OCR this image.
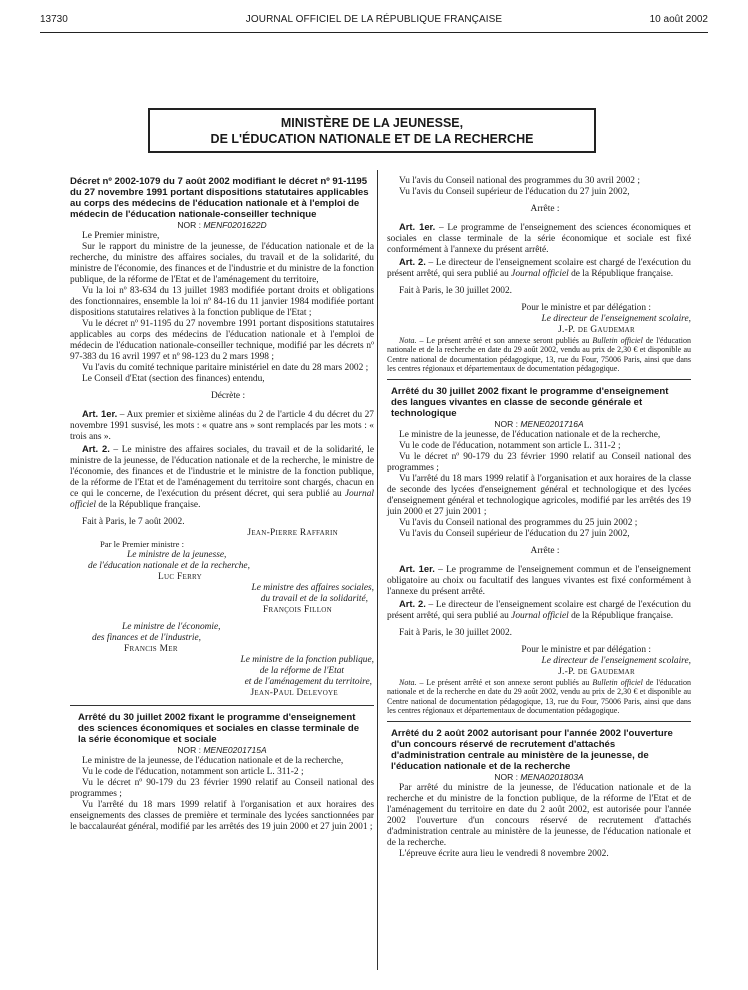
13730	JOURNAL OFFICIEL DE LA RÉPUBLIQUE FRANÇAISE	10 août 2002
MINISTÈRE DE LA JEUNESSE,
DE L'ÉDUCATION NATIONALE ET DE LA RECHERCHE

Décret nº 2002-1079 du 7 août 2002 modifiant le décret nº 91-1195 du 27 novembre 1991 portant dispositions statutaires applicables au corps des médecins de l'éducation nationale et à l'emploi de médecin de l'éducation nationale-conseiller technique

NOR : MENF0201622D

Le Premier ministre,

Sur le rapport du ministre de la jeunesse, de l'éducation nationale et de la recherche, du ministre des affaires sociales, du travail et de la solidarité, du ministre de l'économie, des finances et de l'industrie et du ministre de la fonction publique, de la réforme de l'Etat et de l'aménagement du territoire,

Vu la loi nº 83-634 du 13 juillet 1983 modifiée portant droits et obligations des fonctionnaires, ensemble la loi nº 84-16 du 11 janvier 1984 modifiée portant dispositions statutaires relatives à la fonction publique de l'Etat ;

Vu le décret nº 91-1195 du 27 novembre 1991 portant dispositions statutaires applicables au corps des médecins de l'éducation nationale et à l'emploi de médecin de l'éducation nationale-conseiller technique, modifié par les décrets nº 97-383 du 16 avril 1997 et nº 98-123 du 2 mars 1998 ;

Vu l'avis du comité technique paritaire ministériel en date du 28 mars 2002 ;

Le Conseil d'Etat (section des finances) entendu,

Décrète :

Art. 1er. – Aux premier et sixième alinéas du 2 de l'article 4 du décret du 27 novembre 1991 susvisé, les mots : « quatre ans » sont remplacés par les mots : « trois ans ».

Art. 2. – Le ministre des affaires sociales, du travail et de la solidarité, le ministre de la jeunesse, de l'éducation nationale et de la recherche, le ministre de l'économie, des finances et de l'industrie et le ministre de la fonction publique, de la réforme de l'Etat et de l'aménagement du territoire sont chargés, chacun en ce qui le concerne, de l'exécution du présent décret, qui sera publié au Journal officiel de la République française.

Fait à Paris, le 7 août 2002.

Jean-Pierre Raffarin

Par le Premier ministre :

Le ministre de la jeunesse,

de l'éducation nationale et de la recherche,

Luc Ferry

Le ministre des affaires sociales,

du travail et de la solidarité,

François Fillon

Le ministre de l'économie,

des finances et de l'industrie,

Francis Mer

Le ministre de la fonction publique,

de la réforme de l'Etat

et de l'aménagement du territoire,

Jean-Paul Delevoye

Arrêté du 30 juillet 2002 fixant le programme d'enseignement des sciences économiques et sociales en classe terminale de la série économique et sociale

NOR : MENE0201715A

Le ministre de la jeunesse, de l'éducation nationale et de la recherche,

Vu le code de l'éducation, notamment son article L. 311-2 ;

Vu le décret nº 90-179 du 23 février 1990 relatif au Conseil national des programmes ;

Vu l'arrêté du 18 mars 1999 relatif à l'organisation et aux horaires des enseignements des classes de première et terminale des lycées sanctionnées par le baccalauréat général, modifié par les arrêtés des 19 juin 2000 et 27 juin 2001 ;

Vu l'avis du Conseil national des programmes du 30 avril 2002 ;

Vu l'avis du Conseil supérieur de l'éducation du 27 juin 2002,

Arrête :

Art. 1er. – Le programme de l'enseignement des sciences économiques et sociales en classe terminale de la série économique et sociale est fixé conformément à l'annexe du présent arrêté.

Art. 2. – Le directeur de l'enseignement scolaire est chargé de l'exécution du présent arrêté, qui sera publié au Journal officiel de la République française.

Fait à Paris, le 30 juillet 2002.

Pour le ministre et par délégation :

Le directeur de l'enseignement scolaire,

J.-P. de Gaudemar

Nota. – Le présent arrêté et son annexe seront publiés au Bulletin officiel de l'éducation nationale et de la recherche en date du 29 août 2002, vendu au prix de 2,30 € et disponible au Centre national de documentation pédagogique, 13, rue du Four, 75006 Paris, ainsi que dans les centres régionaux et départementaux de documentation pédagogique.

Arrêté du 30 juillet 2002 fixant le programme d'enseignement des langues vivantes en classe de seconde générale et technologique

NOR : MENE0201716A

Le ministre de la jeunesse, de l'éducation nationale et de la recherche,

Vu le code de l'éducation, notamment son article L. 311-2 ;

Vu le décret nº 90-179 du 23 février 1990 relatif au Conseil national des programmes ;

Vu l'arrêté du 18 mars 1999 relatif à l'organisation et aux horaires de la classe de seconde des lycées d'enseignement général et technologique et des lycées d'enseignement général et technologique agricoles, modifié par les arrêtés des 19 juin 2000 et 27 juin 2001 ;

Vu l'avis du Conseil national des programmes du 25 juin 2002 ;

Vu l'avis du Conseil supérieur de l'éducation du 27 juin 2002,

Arrête :

Art. 1er. – Le programme de l'enseignement commun et de l'enseignement obligatoire au choix ou facultatif des langues vivantes est fixé conformément à l'annexe du présent arrêté.

Art. 2. – Le directeur de l'enseignement scolaire est chargé de l'exécution du présent arrêté, qui sera publié au Journal officiel de la République française.

Fait à Paris, le 30 juillet 2002.

Pour le ministre et par délégation :

Le directeur de l'enseignement scolaire,

J.-P. de Gaudemar

Nota. – Le présent arrêté et son annexe seront publiés au Bulletin officiel de l'éducation nationale et de la recherche en date du 29 août 2002, vendu au prix de 2,30 € et disponible au Centre national de documentation pédagogique, 13, rue du Four, 75006 Paris, ainsi que dans les centres régionaux et départementaux de documentation pédagogique.

Arrêté du 2 août 2002 autorisant pour l'année 2002 l'ouverture d'un concours réservé de recrutement d'attachés d'administration centrale au ministère de la jeunesse, de l'éducation nationale et de la recherche

NOR : MENA0201803A

Par arrêté du ministre de la jeunesse, de l'éducation nationale et de la recherche et du ministre de la fonction publique, de la réforme de l'Etat et de l'aménagement du territoire en date du 2 août 2002, est autorisée pour l'année 2002 l'ouverture d'un concours réservé de recrutement d'attachés d'administration centrale au ministère de la jeunesse, de l'éducation nationale et de la recherche.

L'épreuve écrite aura lieu le vendredi 8 novembre 2002.
